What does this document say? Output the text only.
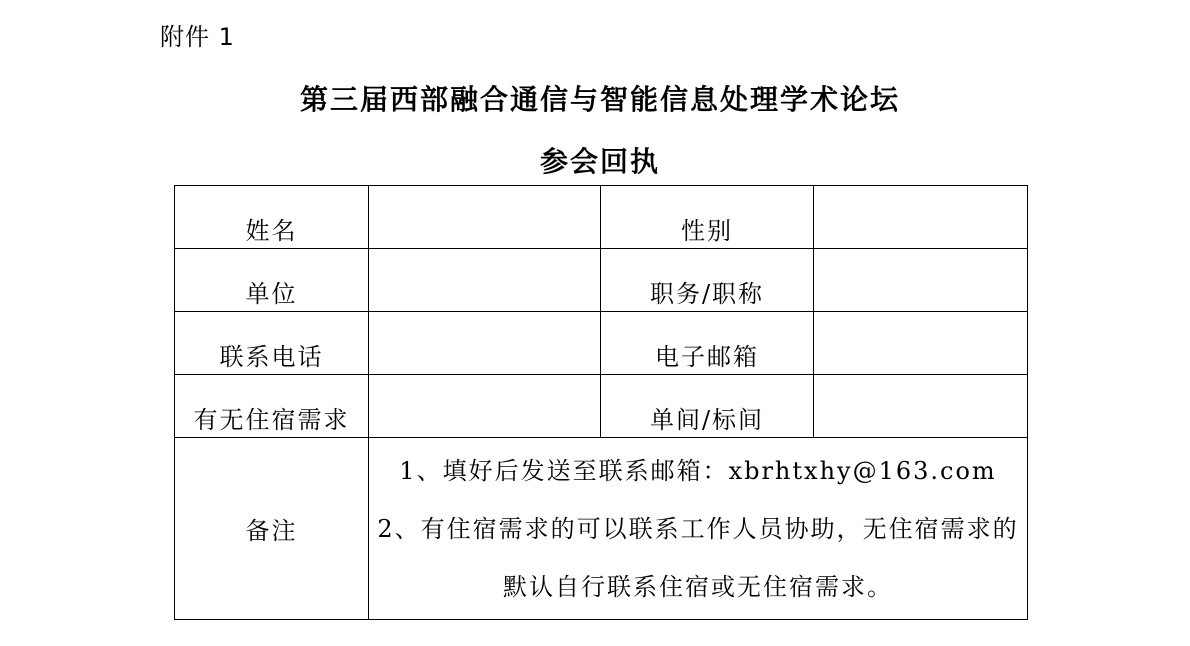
附件 1
第三届西部融合通信与智能信息处理学术论坛
参会回执
姓名		性别	
单位		职务/职称	
联系电话		电子邮箱	
有无住宿需求		单间/标间	
备注	1、填好后发送至联系邮箱：xbrhtxhy@163.com
2、有住宿需求的可以联系工作人员协助，无住宿需求的默认自行联系住宿或无住宿需求。		
